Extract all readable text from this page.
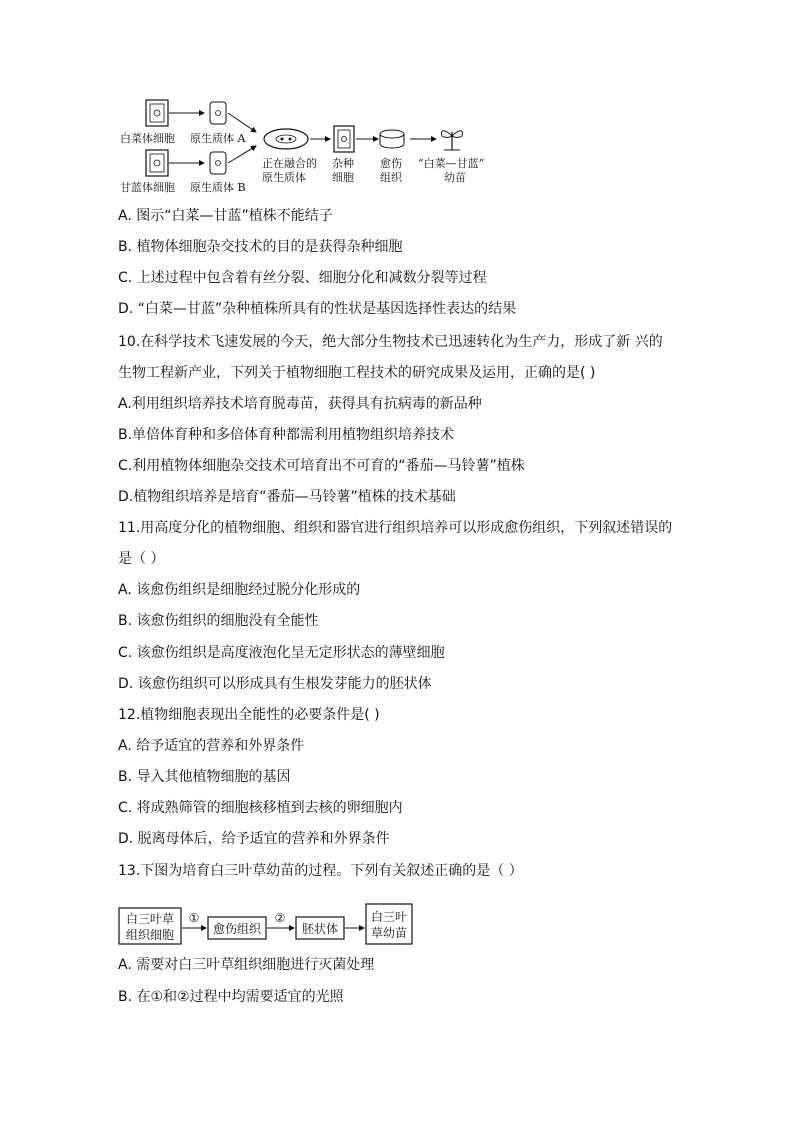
白菜体细胞 原生质体 A
甘蓝体细胞 原生质体 B
正在融合的
原生质体
杂种
细胞
愈伤
组织
“白菜—甘蓝”
幼苗
A. 图示“白菜—甘蓝”植株不能结子
B. 植物体细胞杂交技术的目的是获得杂种细胞
C. 上述过程中包含着有丝分裂、细胞分化和减数分裂等过程
D. “白菜—甘蓝”杂种植株所具有的性状是基因选择性表达的结果
10.在科学技术飞速发展的今天，绝大部分生物技术已迅速转化为生产力，形成了新 兴的
生物工程新产业，下列关于植物细胞工程技术的研究成果及运用，正确的是( )
A.利用组织培养技术培育脱毒苗，获得具有抗病毒的新品种
B.单倍体育种和多倍体育种都需利用植物组织培养技术
C.利用植物体细胞杂交技术可培育出不可育的“番茄—马铃薯”植株
D.植物组织培养是培育“番茄—马铃薯”植株的技术基础
11.用高度分化的植物细胞、组织和器官进行组织培养可以形成愈伤组织，下列叙述错误的
是（ ）
A. 该愈伤组织是细胞经过脱分化形成的
B. 该愈伤组织的细胞没有全能性
C. 该愈伤组织是高度液泡化呈无定形状态的薄壁细胞
D. 该愈伤组织可以形成具有生根发芽能力的胚状体
12.植物细胞表现出全能性的必要条件是( )
A. 给予适宜的营养和外界条件
B. 导入其他植物细胞的基因
C. 将成熟筛管的细胞核移植到去核的卵细胞内
D. 脱离母体后，给予适宜的营养和外界条件
13.下图为培育白三叶草幼苗的过程。下列有关叙述正确的是（ ）
白三叶草
组织细胞
①
愈伤组织
②
胚状体
白三叶
草幼苗
A. 需要对白三叶草组织细胞进行灭菌处理
B. 在①和②过程中均需要适宜的光照
